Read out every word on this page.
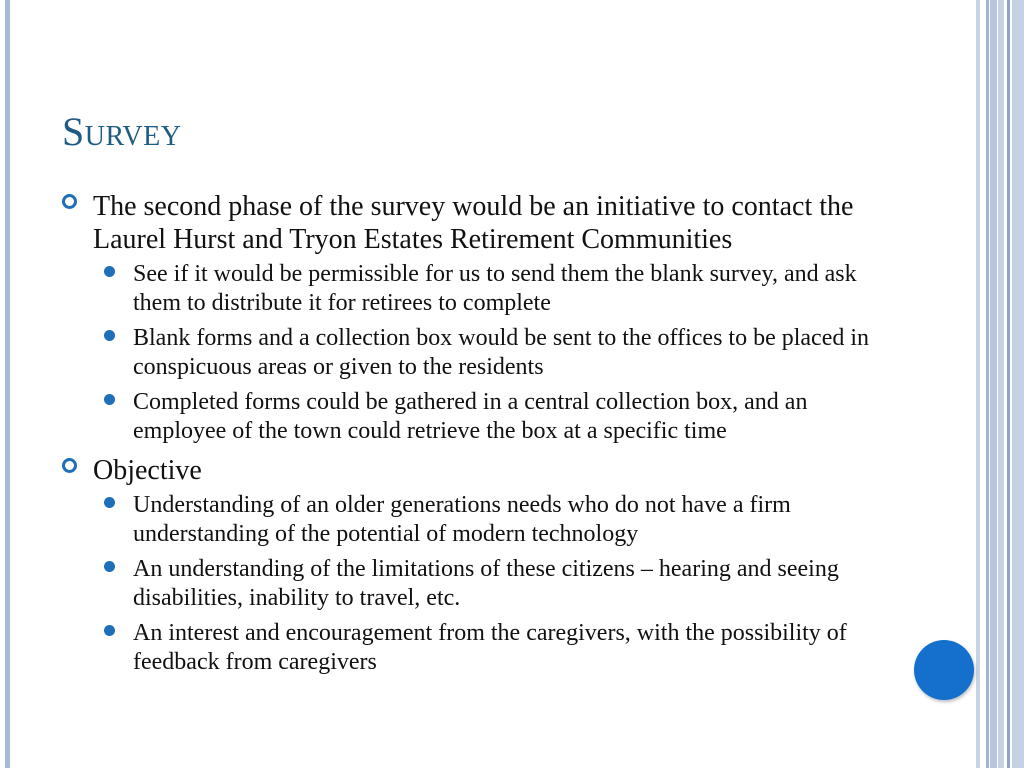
Survey
The second phase of the survey would be an initiative to contact the Laurel Hurst and Tryon Estates Retirement Communities
See if it would be permissible for us to send them the blank survey, and ask them to distribute it for retirees to complete
Blank forms and a collection box would be sent to the offices to be placed in conspicuous areas or given to the residents
Completed forms could be gathered in a central collection box, and an employee of the town could retrieve the box at a specific time
Objective
Understanding of an older generations needs who do not have a firm understanding of the potential of modern technology
An understanding of the limitations of these citizens – hearing and seeing disabilities, inability to travel, etc.
An interest and encouragement from the caregivers, with the possibility of feedback from caregivers
